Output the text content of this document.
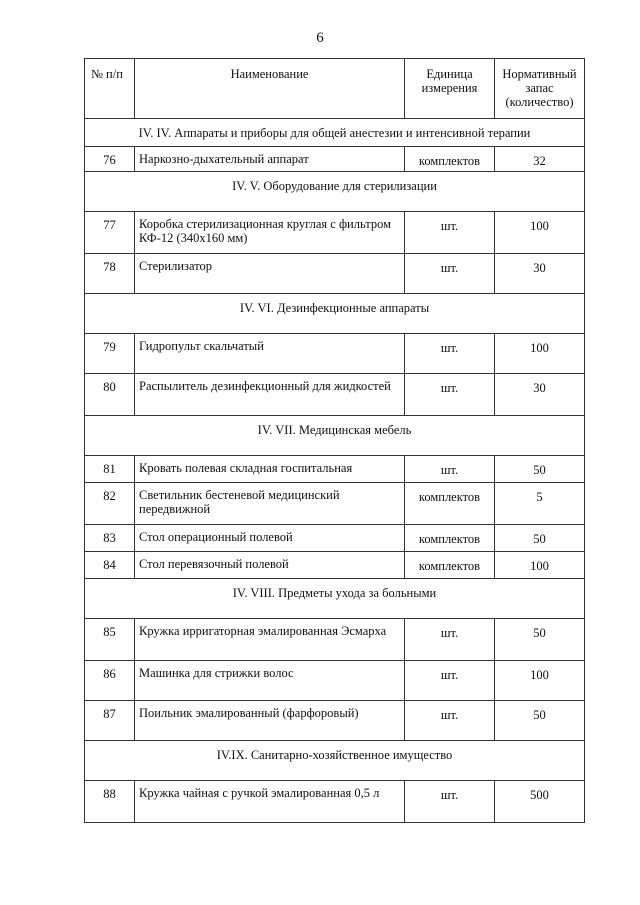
6
№ п/п	Наименование	Единица измерения	Нормативный запас (количество)
IV. IV. Аппараты и приборы для общей анестезии и интенсивной терапии			
76	Наркозно-дыхательный аппарат	комплектов	32
IV. V. Оборудование для стерилизации			
77	Коробка стерилизационная круглая с фильтром КФ-12 (340х160 мм)	шт.	100
78	Стерилизатор	шт.	30
IV. VI. Дезинфекционные аппараты			
79	Гидропульт скальчатый	шт.	100
80	Распылитель дезинфекционный для жидкостей	шт.	30
IV. VII. Медицинская мебель			
81	Кровать полевая складная госпитальная	шт.	50
82	Светильник бестеневой медицинский передвижной	комплектов	5
83	Стол операционный полевой	комплектов	50
84	Стол перевязочный полевой	комплектов	100
IV. VIII. Предметы ухода за больными			
85	Кружка ирригаторная эмалированная Эсмарха	шт.	50
86	Машинка для стрижки волос	шт.	100
87	Поильник эмалированный (фарфоровый)	шт.	50
IV.IX. Санитарно-хозяйственное имущество			
88	Кружка чайная с ручкой эмалированная 0,5 л	шт.	500
